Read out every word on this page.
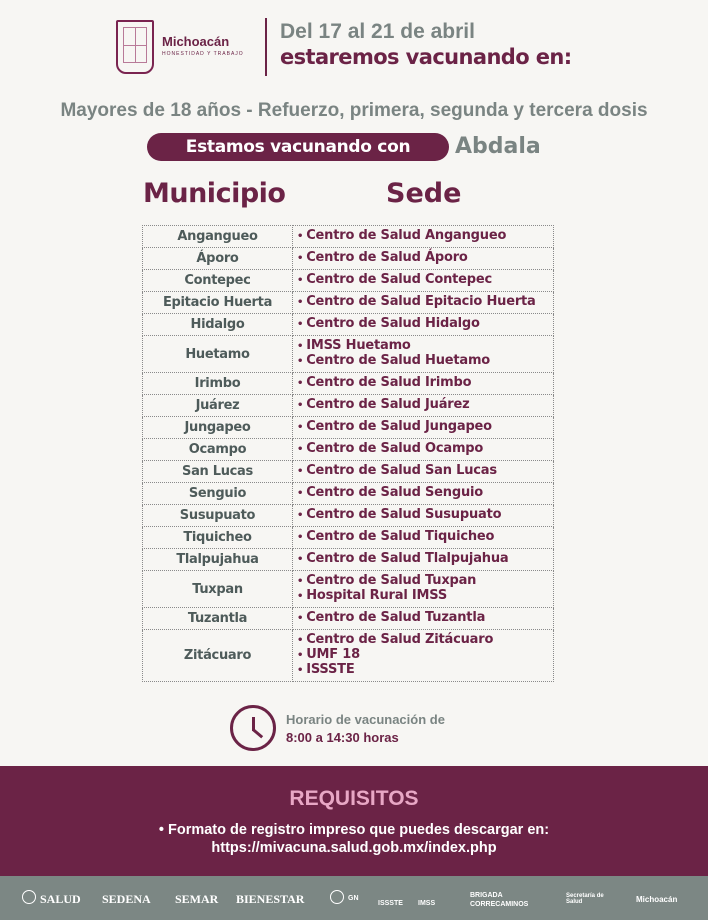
Michoacán
HONESTIDAD Y TRABAJO
Del 17 al 21 de abril
estaremos vacunando en:
Mayores de 18 años - Refuerzo, primera, segunda y tercera dosis
Estamos vacunando con	Abdala
Municipio	Sede
Angangueo	• Centro de Salud Angangueo

Áporo	• Centro de Salud Áporo

Contepec	• Centro de Salud Contepec

Epitacio Huerta	• Centro de Salud Epitacio Huerta

Hidalgo	• Centro de Salud Hidalgo

Huetamo	• IMSS Huetamo
• Centro de Salud Huetamo

Irimbo	• Centro de Salud Irimbo

Juárez	• Centro de Salud Juárez

Jungapeo	• Centro de Salud Jungapeo

Ocampo	• Centro de Salud Ocampo

San Lucas	• Centro de Salud San Lucas

Senguio	• Centro de Salud Senguio

Susupuato	• Centro de Salud Susupuato

Tiquicheo	• Centro de Salud Tiquicheo

Tlalpujahua	• Centro de Salud Tlalpujahua

Tuxpan	• Centro de Salud Tuxpan
• Hospital Rural IMSS

Tuzantla	• Centro de Salud Tuzantla

Zitácuaro	• Centro de Salud Zitácuaro
• UMF 18
• ISSSTE
Horario de vacunación de
8:00 a 14:30 horas
REQUISITOS
• Formato de registro impreso que puedes descargar en:
https://mivacuna.salud.gob.mx/index.php
SALUD SEDENA SEMAR BIENESTAR	GN
ISSSTE IMSS
BRIGADA
CORRECAMINOS
Secretaría de Salud	Michoacán
